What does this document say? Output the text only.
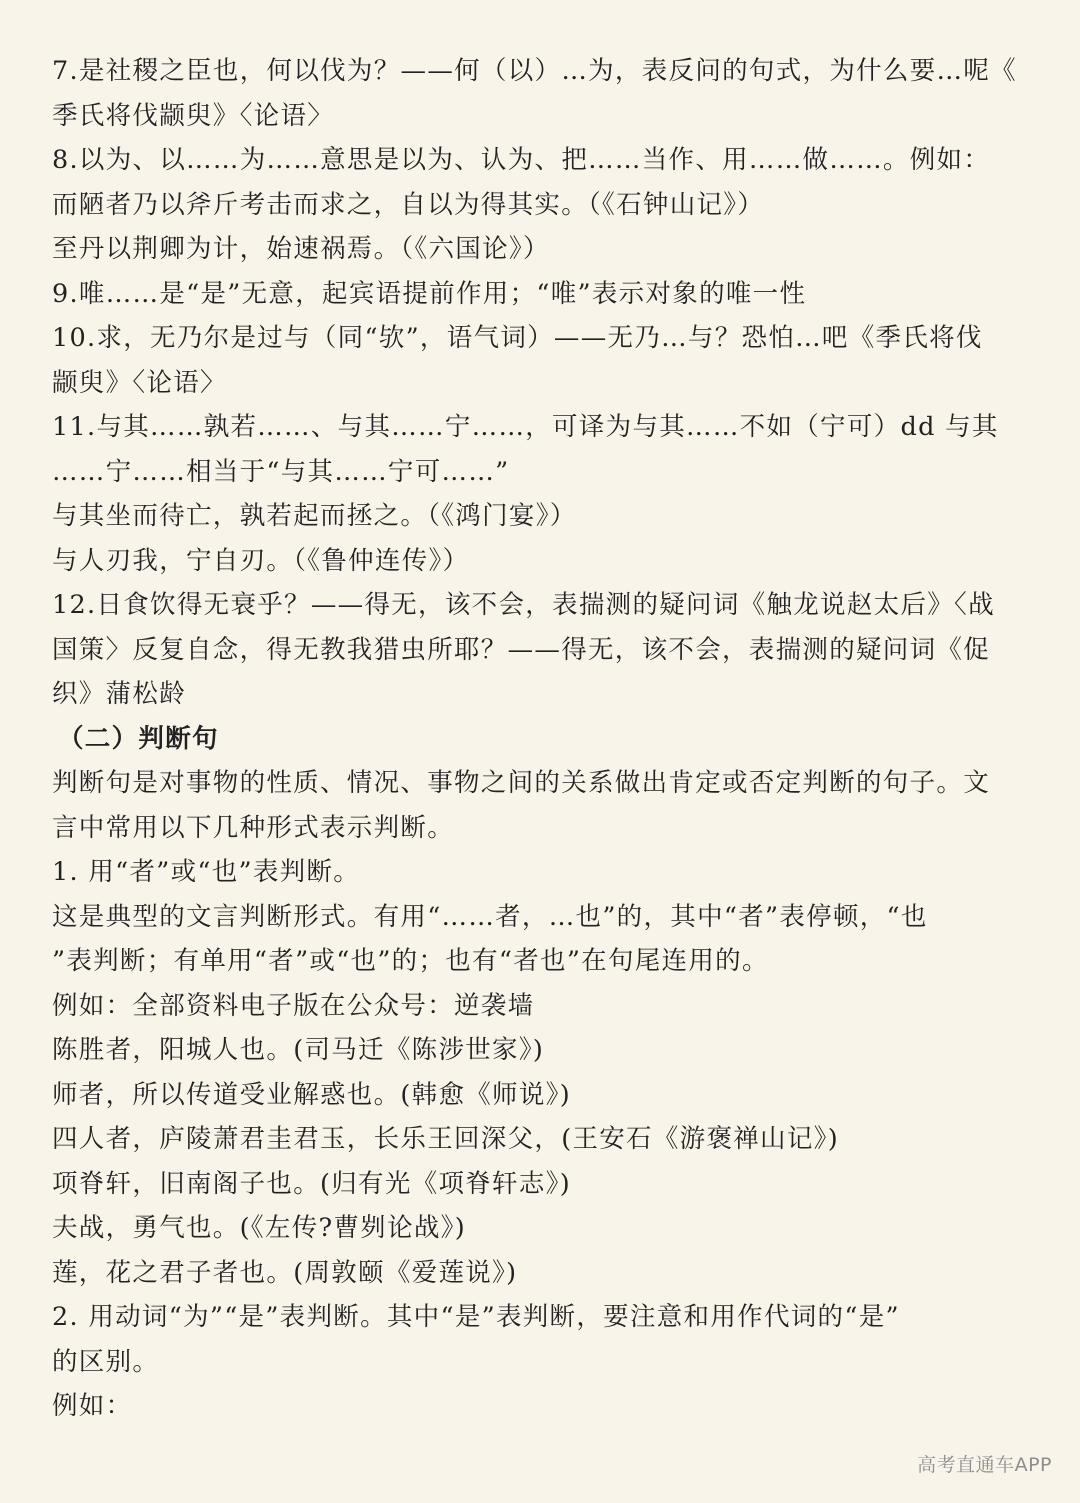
7.是社稷之臣也，何以伐为？——何（以）…为，表反问的句式，为什么要…呢《
季氏将伐颛臾》〈论语〉
8.以为、以……为……意思是以为、认为、把……当作、用……做……。例如：
而陋者乃以斧斤考击而求之，自以为得其实。（《石钟山记》）
至丹以荆卿为计，始速祸焉。（《六国论》）
9.唯……是“是”无意，起宾语提前作用；“唯”表示对象的唯一性
10.求，无乃尔是过与（同“欤”，语气词）——无乃…与？恐怕…吧《季氏将伐
颛臾》〈论语〉
11.与其……孰若……、与其……宁……，可译为与其……不如（宁可）dd 与其
……宁……相当于“与其……宁可……”
与其坐而待亡，孰若起而拯之。（《鸿门宴》）
与人刃我，宁自刃。（《鲁仲连传》）
12.日食饮得无衰乎？——得无，该不会，表揣测的疑问词《触龙说赵太后》〈战
国策〉反复自念，得无教我猎虫所耶？——得无，该不会，表揣测的疑问词《促
织》蒲松龄
（二）判断句
判断句是对事物的性质、情况、事物之间的关系做出肯定或否定判断的句子。文
言中常用以下几种形式表示判断。
1. 用“者”或“也”表判断。
这是典型的文言判断形式。有用“……者，…也”的，其中“者”表停顿，“也
”表判断；有单用“者”或“也”的；也有“者也”在句尾连用的。
例如：全部资料电子版在公众号：逆袭墙
陈胜者，阳城人也。(司马迁《陈涉世家》)
师者，所以传道受业解惑也。(韩愈《师说》)
四人者，庐陵萧君圭君玉，长乐王回深父，(王安石《游褒禅山记》)
项脊轩，旧南阁子也。(归有光《项脊轩志》)
夫战，勇气也。(《左传?曹刿论战》)
莲，花之君子者也。(周敦颐《爱莲说》)
2. 用动词“为”“是”表判断。其中“是”表判断，要注意和用作代词的“是”
的区别。
例如：
高考直通车APP
